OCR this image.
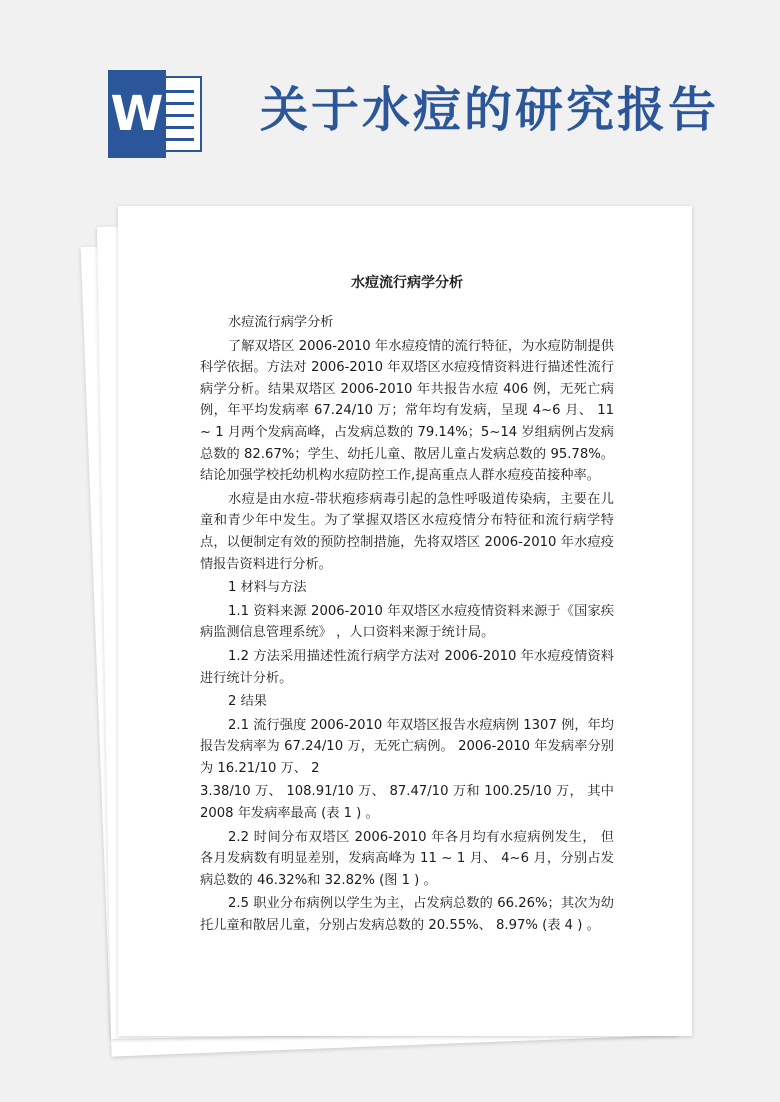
W 关于水痘的研究报告

水痘流行病学分析

水痘流行病学分析

了解双塔区 2006-2010 年水痘疫情的流行特征，为水痘防制提供科学依据。方法对 2006-2010 年双塔区水痘疫情资料进行描述性流行病学分析。结果双塔区 2006-2010 年共报告水痘 406 例，无死亡病例，年平均发病率 67.24/10 万；常年均有发病，呈现 4~6 月、 11 ~ 1 月两个发病高峰，占发病总数的 79.14%；5~14 岁组病例占发病总数的 82.67%；学生、幼托儿童、散居儿童占发病总数的 95.78%。结论加强学校托幼机构水痘防控工作,提高重点人群水痘疫苗接种率。

水痘是由水痘-带状疱疹病毒引起的急性呼吸道传染病，主要在儿童和青少年中发生。为了掌握双塔区水痘疫情分布特征和流行病学特点，以便制定有效的预防控制措施，先将双塔区 2006-2010 年水痘疫情报告资料进行分析。

1 材料与方法

1.1 资料来源 2006-2010 年双塔区水痘疫情资料来源于《国家疾病监测信息管理系统》 ，人口资料来源于统计局。

1.2 方法采用描述性流行病学方法对 2006-2010 年水痘疫情资料进行统计分析。

2 结果

2.1 流行强度 2006-2010 年双塔区报告水痘病例 1307 例，年均报告发病率为 67.24/10 万，无死亡病例。 2006-2010 年发病率分别为 16.21/10 万、 2

3.38/10 万、 108.91/10 万、 87.47/10 万和 100.25/10 万， 其中 2008 年发病率最高 (表 1 ) 。

2.2 时间分布双塔区 2006-2010 年各月均有水痘病例发生， 但各月发病数有明显差别，发病高峰为 11 ~ 1 月、 4~6 月，分别占发病总数的 46.32%和 32.82% (图 1 ) 。

2.5 职业分布病例以学生为主，占发病总数的 66.26%；其次为幼托儿童和散居儿童，分别占发病总数的 20.55%、 8.97% (表 4 ) 。
